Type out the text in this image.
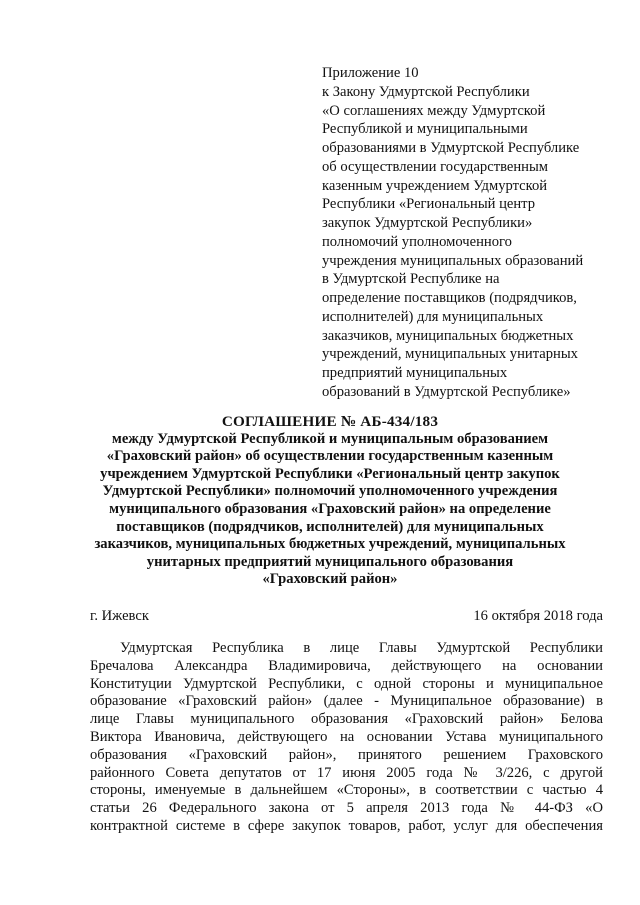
Приложение 10
к Закону Удмуртской Республики
«О соглашениях между Удмуртской
Республикой и муниципальными
образованиями в Удмуртской Республике
об осуществлении государственным
казенным учреждением Удмуртской
Республики «Региональный центр
закупок Удмуртской Республики»
полномочий уполномоченного
учреждения муниципальных образований
в Удмуртской Республике на
определение поставщиков (подрядчиков,
исполнителей) для муниципальных
заказчиков, муниципальных бюджетных
учреждений, муниципальных унитарных
предприятий муниципальных
образований в Удмуртской Республике»
СОГЛАШЕНИЕ № АБ-434/183
между Удмуртской Республикой и муниципальным образованием
«Граховский район» об осуществлении государственным казенным
учреждением Удмуртской Республики «Региональный центр закупок
Удмуртской Республики» полномочий уполномоченного учреждения
муниципального образования «Граховский район» на определение
поставщиков (подрядчиков, исполнителей) для муниципальных
заказчиков, муниципальных бюджетных учреждений, муниципальных
унитарных предприятий муниципального образования
«Граховский район»
г. Ижевск	16 октября 2018 года
Удмуртская Республика в лице Главы Удмуртской Республики
Бречалова Александра Владимировича, действующего на основании
Конституции Удмуртской Республики, с одной стороны и муниципальное
образование «Граховский район» (далее - Муниципальное образование) в
лице Главы муниципального образования «Граховский район» Белова
Виктора Ивановича, действующего на основании Устава муниципального
образования «Граховский район», принятого решением Граховского
районного Совета депутатов от 17 июня 2005 года № 3/226, с другой
стороны, именуемые в дальнейшем «Стороны», в соответствии с частью 4
статьи 26 Федерального закона от 5 апреля 2013 года № 44-ФЗ «О
контрактной системе в сфере закупок товаров, работ, услуг для обеспечения
